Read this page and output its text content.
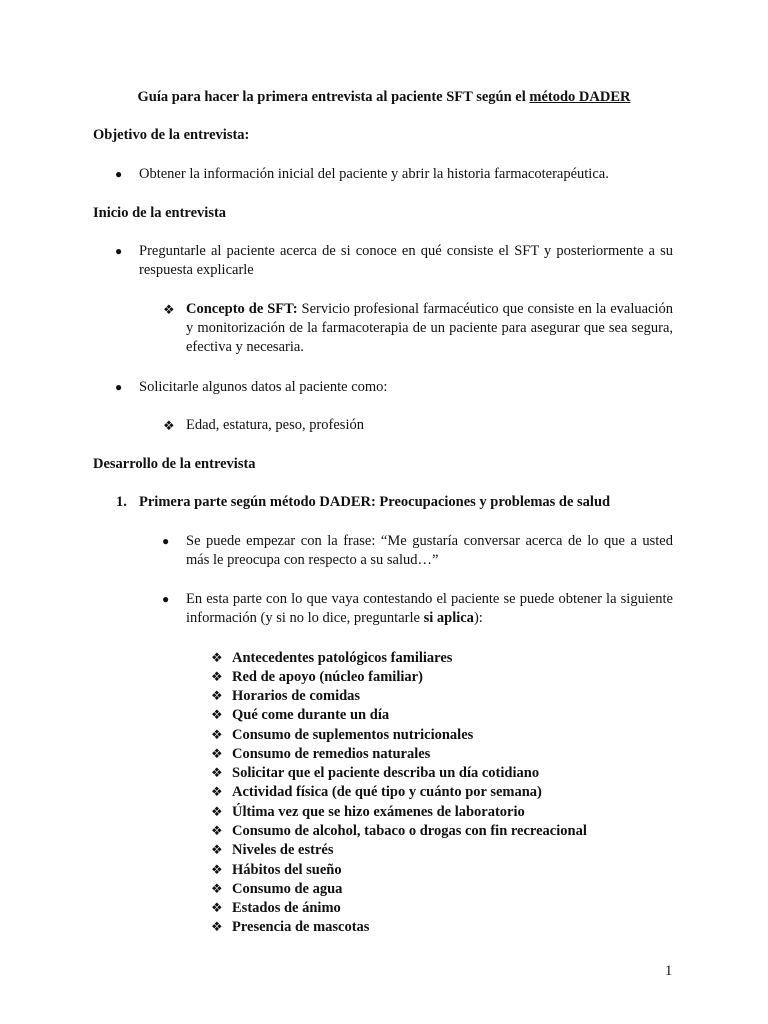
Guía para hacer la primera entrevista al paciente SFT según el método DADER
Objetivo de la entrevista:
● Obtener la información inicial del paciente y abrir la historia farmacoterapéutica.
Inicio de la entrevista
● Preguntarle al paciente acerca de si conoce en qué consiste el SFT y posteriormente a su respuesta explicarle
❖ Concepto de SFT: Servicio profesional farmacéutico que consiste en la evaluación y monitorización de la farmacoterapia de un paciente para asegurar que sea segura, efectiva y necesaria.
● Solicitarle algunos datos al paciente como:
❖ Edad, estatura, peso, profesión
Desarrollo de la entrevista
1. Primera parte según método DADER: Preocupaciones y problemas de salud
● Se puede empezar con la frase: “Me gustaría conversar acerca de lo que a usted más le preocupa con respecto a su salud…”
● En esta parte con lo que vaya contestando el paciente se puede obtener la siguiente información (y si no lo dice, preguntarle si aplica):
❖ Antecedentes patológicos familiares
❖ Red de apoyo (núcleo familiar)
❖ Horarios de comidas
❖ Qué come durante un día
❖ Consumo de suplementos nutricionales
❖ Consumo de remedios naturales
❖ Solicitar que el paciente describa un día cotidiano
❖ Actividad física (de qué tipo y cuánto por semana)
❖ Última vez que se hizo exámenes de laboratorio
❖ Consumo de alcohol, tabaco o drogas con fin recreacional
❖ Niveles de estrés
❖ Hábitos del sueño
❖ Consumo de agua
❖ Estados de ánimo
❖ Presencia de mascotas
1
